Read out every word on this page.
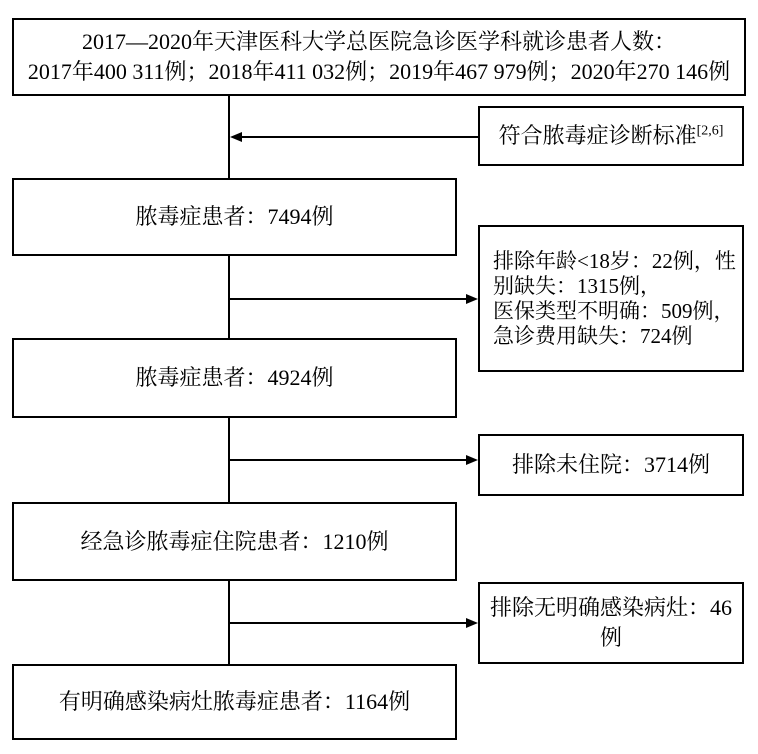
2017—2020年天津医科大学总医院急诊医学科就诊患者人数：
2017年400 311例；2018年411 032例；2019年467 979例；2020年270 146例
脓毒症患者：7494例
脓毒症患者：4924例
经急诊脓毒症住院患者：1210例
有明确感染病灶脓毒症患者：1164例
符合脓毒症诊断标准[2,6]
排除年龄<18岁：22例，性
别缺失：1315例，
医保类型不明确：509例，
急诊费用缺失：724例
排除未住院：3714例
排除无明确感染病灶：46例
